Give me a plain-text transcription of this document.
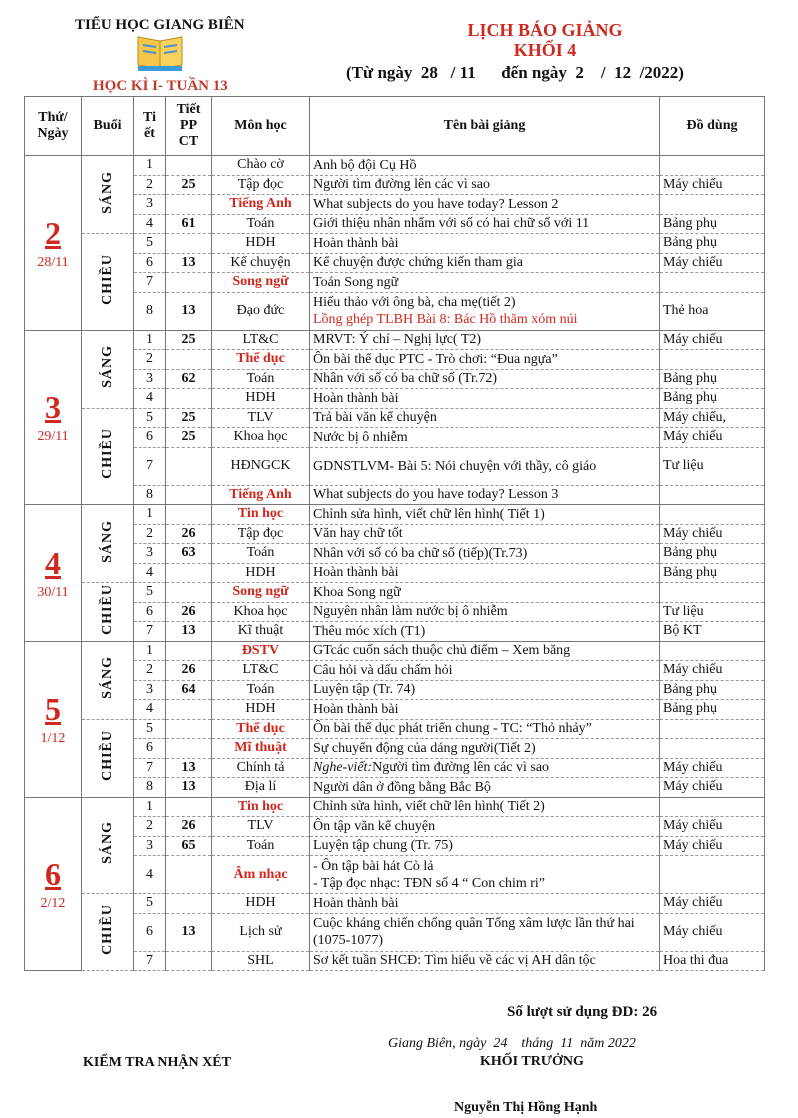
TIỂU HỌC GIANG BIÊN
HỌC KÌ I- TUẦN 13
LỊCH BÁO GIẢNG
KHỐI 4
(Từ ngày  28   / 11      đến ngày  2    /  12  /2022)
Thứ/ Ngày	Buổi	Ti ết	Tiết PP CT	Môn học	Tên bài giảng	Đồ dùng

2
28/11	SÁNG	1		Chào cờ	Anh bộ đội Cụ Hồ	
		2	25	Tập đọc	Người tìm đường lên các vì sao	Máy chiếu
		3		Tiếng Anh	What subjects do you have today? Lesson 2	
		4	61	Toán	Giới thiệu nhân nhẩm với số có hai chữ số với 11	Bảng phụ
	CHIỀU	5		HDH	Hoàn thành bài	Bảng phụ
		6	13	Kể chuyện	Kể chuyện được chứng kiến tham gia	Máy chiếu
		7		Song ngữ	Toán Song ngữ	
		8	13	Đạo đức	Hiếu thảo với ông bà, cha mẹ(tiết 2)
Lồng ghép TLBH Bài 8: Bác Hồ thăm xóm núi	Thẻ hoa

3
29/11	SÁNG	1	25	LT&C	MRVT: Ý chí – Nghị lực( T2)	Máy chiếu
		2		Thể dục	Ôn bài thể dục PTC - Trò chơi: “Đua ngựa”	
		3	62	Toán	Nhân với số có ba chữ số (Tr.72)	Bảng phụ
		4		HDH	Hoàn thành bài	Bảng phụ
	CHIỀU	5	25	TLV	Trả bài văn kể chuyện	Máy chiếu,
		6	25	Khoa học	Nước bị ô nhiễm	Máy chiếu
		7		HĐNGCK	GDNSTLVM- Bài 5: Nói chuyện với thầy, cô giáo	Tư liệu
		8		Tiếng Anh	What subjects do you have today? Lesson 3	

4
30/11	SÁNG	1		Tin học	Chỉnh sửa hình, viết chữ lên hình( Tiết 1)	
		2	26	Tập đọc	Văn hay chữ tốt	Máy chiếu
		3	63	Toán	Nhân với số có ba chữ số (tiếp)(Tr.73)	Bảng phụ
		4		HDH	Hoàn thành bài	Bảng phụ
	CHIỀU	5		Song ngữ	Khoa Song ngữ	
		6	26	Khoa học	Nguyên nhân làm nước bị ô nhiễm	Tư liệu
		7	13	Kĩ thuật	Thêu móc xích (T1)	Bộ KT

5
1/12	SÁNG	1		ĐSTV	GTcác cuốn sách thuộc chủ điểm – Xem băng	
		2	26	LT&C	Câu hỏi và dấu chấm hỏi	Máy chiếu
		3	64	Toán	Luyện tập (Tr. 74)	Bảng phụ
		4		HDH	Hoàn thành bài	Bảng phụ
	CHIỀU	5		Thể dục	Ôn bài thể dục phát triển chung - TC: “Thỏ nhảy”	
		6		Mĩ thuật	Sự chuyển động của dáng người(Tiết 2)	
		7	13	Chính tả	Nghe-viết:Người tìm đường lên các vì sao	Máy chiếu
		8	13	Địa lí	Người dân ở đồng bằng Bắc Bộ	Máy chiếu

6
2/12	SÁNG	1		Tin học	Chỉnh sửa hình, viết chữ lên hình( Tiết 2)	
		2	26	TLV	Ôn tập văn kể chuyện	Máy chiếu
		3	65	Toán	Luyện tập chung (Tr. 75)	Máy chiếu
		4		Âm nhạc	- Ôn tập bài hát Cò lả
- Tập đọc nhạc: TĐN số 4 “ Con chim ri”	
	CHIỀU	5		HDH	Hoàn thành bài	Máy chiếu
		6	13	Lịch sử	Cuộc kháng chiến chống quân Tống xâm lược lần thứ hai (1075-1077)	Máy chiếu
		7		SHL	Sơ kết tuần SHCĐ: Tìm hiểu về các vị AH dân tộc	Hoa thi đua
Số lượt sử dụng ĐD: 26
Giang Biên, ngày  24    tháng  11  năm 2022
KIỂM TRA NHẬN XÉT	KHỐI TRƯỞNG
Nguyễn Thị Hồng Hạnh
